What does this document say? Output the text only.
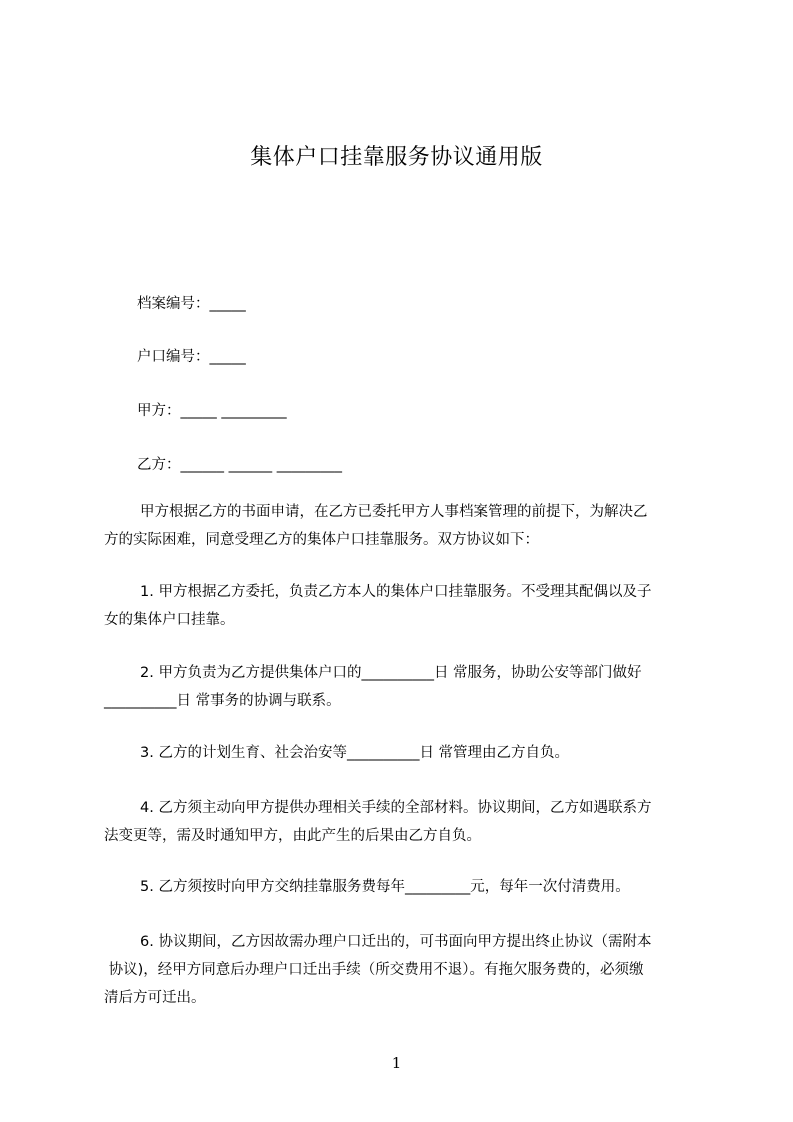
集体户口挂靠服务协议通用版
档案编号：_____
户口编号：_____
甲方：_____ _________
乙方：______ ______ _________
甲方根据乙方的书面申请，在乙方已委托甲方人事档案管理的前提下，为解决乙
方的实际困难，同意受理乙方的集体户口挂靠服务。双方协议如下：
1. 甲方根据乙方委托，负责乙方本人的集体户口挂靠服务。不受理其配偶以及子
女的集体户口挂靠。
2. 甲方负责为乙方提供集体户口的__________日 常服务，协助公安等部门做好
__________日 常事务的协调与联系。
3. 乙方的计划生育、社会治安等__________日 常管理由乙方自负。
4. 乙方须主动向甲方提供办理相关手续的全部材料。协议期间，乙方如遇联系方
法变更等，需及时通知甲方，由此产生的后果由乙方自负。
5. 乙方须按时向甲方交纳挂靠服务费每年_________元，每年一次付清费用。
6. 协议期间，乙方因故需办理户口迁出的，可书面向甲方提出终止协议（需附本
协议)，经甲方同意后办理户口迁出手续（所交费用不退）。有拖欠服务费的，必须缴
清后方可迁出。
1
